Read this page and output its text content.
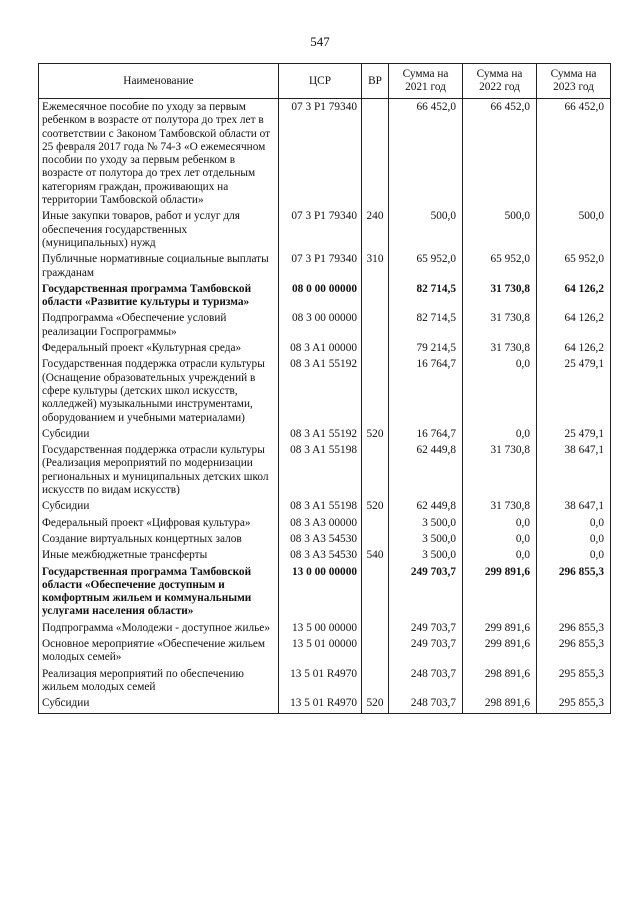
547
Наименование	ЦСР	ВР	Сумма на 2021 год	Сумма на 2022 год	Сумма на 2023 год
Ежемесячное пособие по уходу за первым ребенком в возрасте от полутора до трех лет в соответствии с Законом Тамбовской области от 25 февраля 2017 года № 74-З «О ежемесячном пособии по уходу за первым ребенком в возрасте от полутора до трех лет отдельным категориям граждан, проживающих на территории Тамбовской области»	07 3 P1 79340		66 452,0	66 452,0	66 452,0
Иные закупки товаров, работ и услуг для обеспечения государственных (муниципальных) нужд	07 3 P1 79340	240	500,0	500,0	500,0
Публичные нормативные социальные выплаты гражданам	07 3 P1 79340	310	65 952,0	65 952,0	65 952,0
Государственная программа Тамбовской области «Развитие культуры и туризма»	08 0 00 00000		82 714,5	31 730,8	64 126,2
Подпрограмма «Обеспечение условий реализации Госпрограммы»	08 3 00 00000		82 714,5	31 730,8	64 126,2
Федеральный проект «Культурная среда»	08 3 A1 00000		79 214,5	31 730,8	64 126,2
Государственная поддержка отрасли культуры (Оснащение образовательных учреждений в сфере культуры (детских школ искусств, колледжей) музыкальными инструментами, оборудованием и учебными материалами)	08 3 A1 55192		16 764,7	0,0	25 479,1
Субсидии	08 3 A1 55192	520	16 764,7	0,0	25 479,1
Государственная поддержка отрасли культуры (Реализация мероприятий по модернизации региональных и муниципальных детских школ искусств по видам искусств)	08 3 A1 55198		62 449,8	31 730,8	38 647,1
Субсидии	08 3 A1 55198	520	62 449,8	31 730,8	38 647,1
Федеральный проект «Цифровая культура»	08 3 A3 00000		3 500,0	0,0	0,0
Создание виртуальных концертных залов	08 3 A3 54530		3 500,0	0,0	0,0
Иные межбюджетные трансферты	08 3 A3 54530	540	3 500,0	0,0	0,0
Государственная программа Тамбовской области «Обеспечение доступным и комфортным жильем и коммунальными услугами населения области»	13 0 00 00000		249 703,7	299 891,6	296 855,3
Подпрограмма «Молодежи - доступное жилье»	13 5 00 00000		249 703,7	299 891,6	296 855,3
Основное мероприятие «Обеспечение жильем молодых семей»	13 5 01 00000		249 703,7	299 891,6	296 855,3
Реализация мероприятий по обеспечению жильем молодых семей	13 5 01 R4970		248 703,7	298 891,6	295 855,3
Субсидии	13 5 01 R4970	520	248 703,7	298 891,6	295 855,3
